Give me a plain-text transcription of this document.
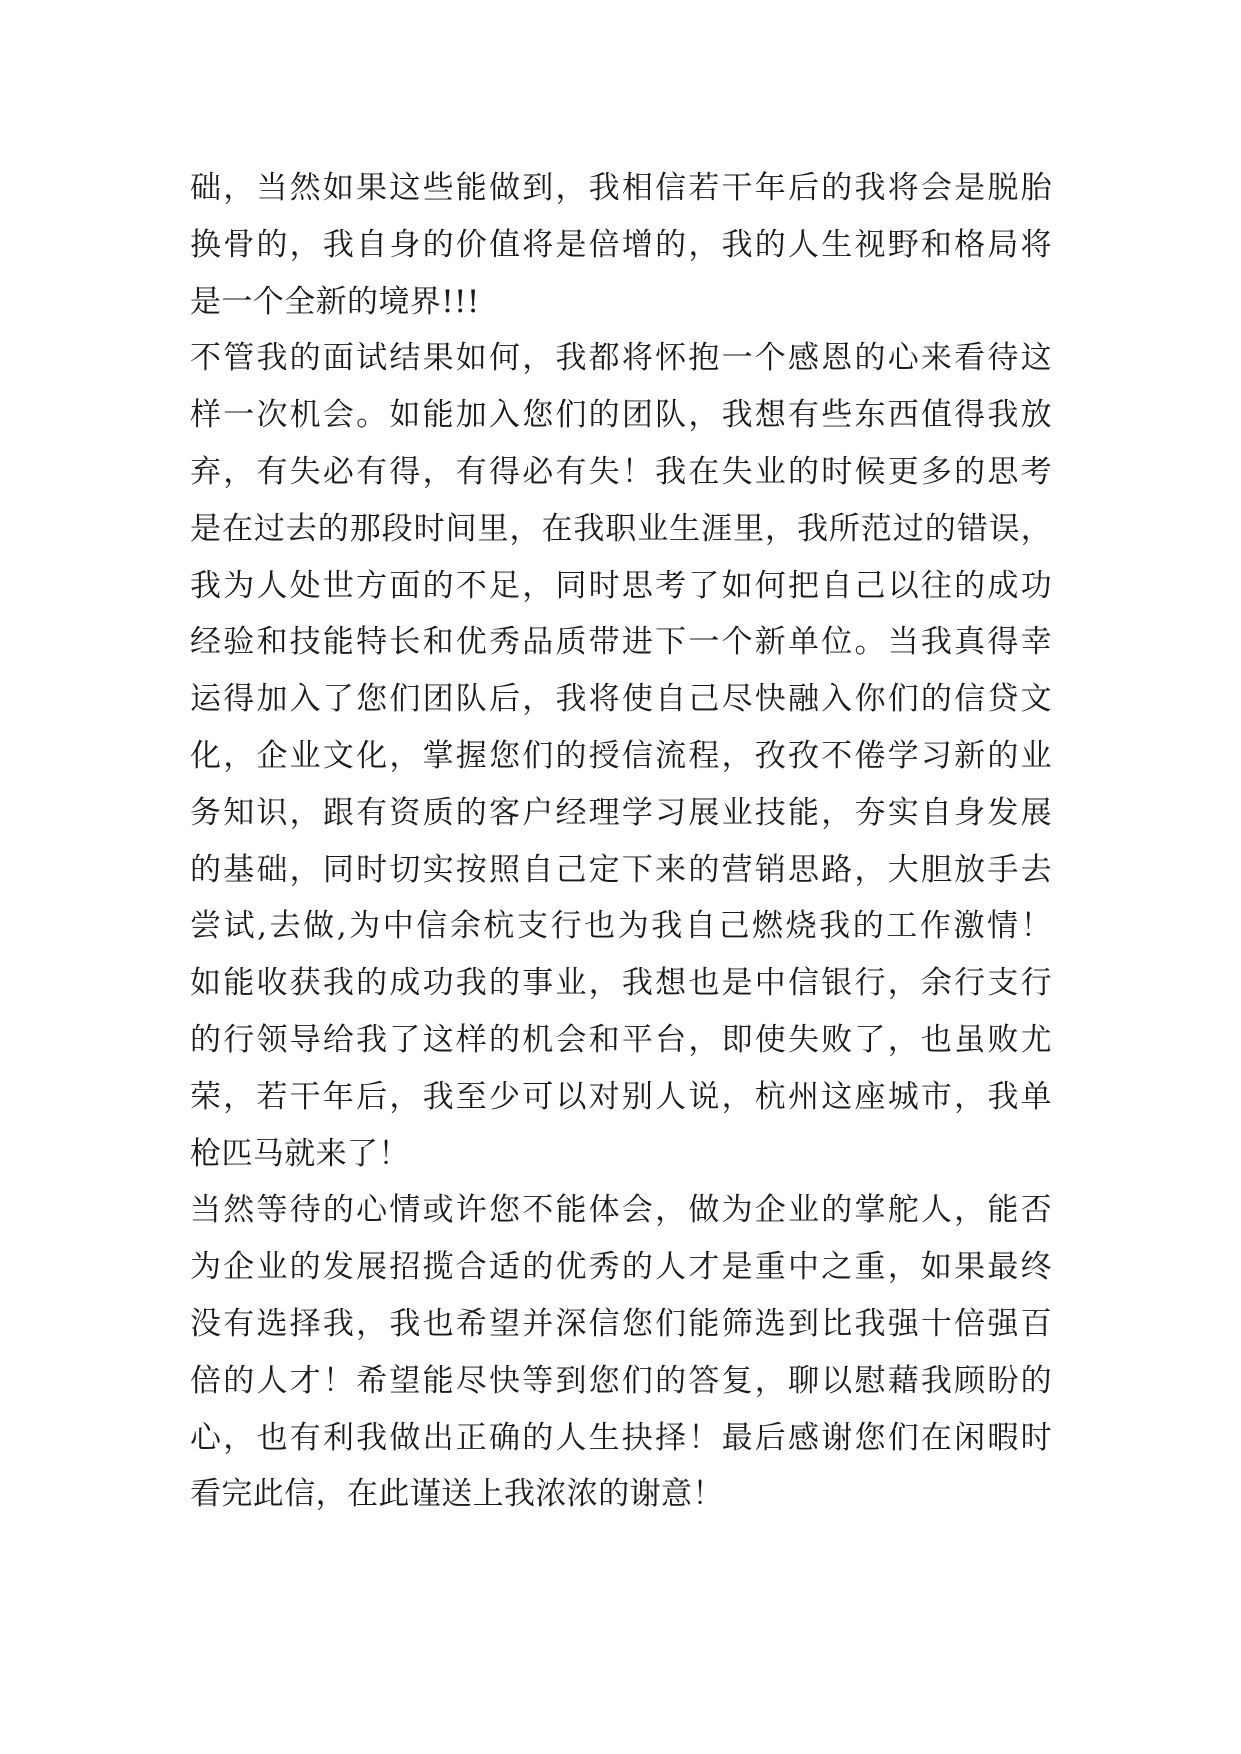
础，当然如果这些能做到，我相信若干年后的我将会是脱胎
换骨的，我自身的价值将是倍增的，我的人生视野和格局将
是一个全新的境界!!!
不管我的面试结果如何，我都将怀抱一个感恩的心来看待这
样一次机会。如能加入您们的团队，我想有些东西值得我放
弃，有失必有得，有得必有失！我在失业的时候更多的思考
是在过去的那段时间里，在我职业生涯里，我所范过的错误，
我为人处世方面的不足，同时思考了如何把自己以往的成功
经验和技能特长和优秀品质带进下一个新单位。当我真得幸
运得加入了您们团队后，我将使自己尽快融入你们的信贷文
化，企业文化，掌握您们的授信流程，孜孜不倦学习新的业
务知识，跟有资质的客户经理学习展业技能，夯实自身发展
的基础，同时切实按照自己定下来的营销思路，大胆放手去
尝试,去做,为中信余杭支行也为我自己燃烧我的工作激情！
如能收获我的成功我的事业，我想也是中信银行，余行支行
的行领导给我了这样的机会和平台，即使失败了，也虽败尤
荣，若干年后，我至少可以对别人说，杭州这座城市，我单
枪匹马就来了！
当然等待的心情或许您不能体会，做为企业的掌舵人，能否
为企业的发展招揽合适的优秀的人才是重中之重，如果最终
没有选择我，我也希望并深信您们能筛选到比我强十倍强百
倍的人才！希望能尽快等到您们的答复，聊以慰藉我顾盼的
心，也有利我做出正确的人生抉择！最后感谢您们在闲暇时
看完此信，在此谨送上我浓浓的谢意！
